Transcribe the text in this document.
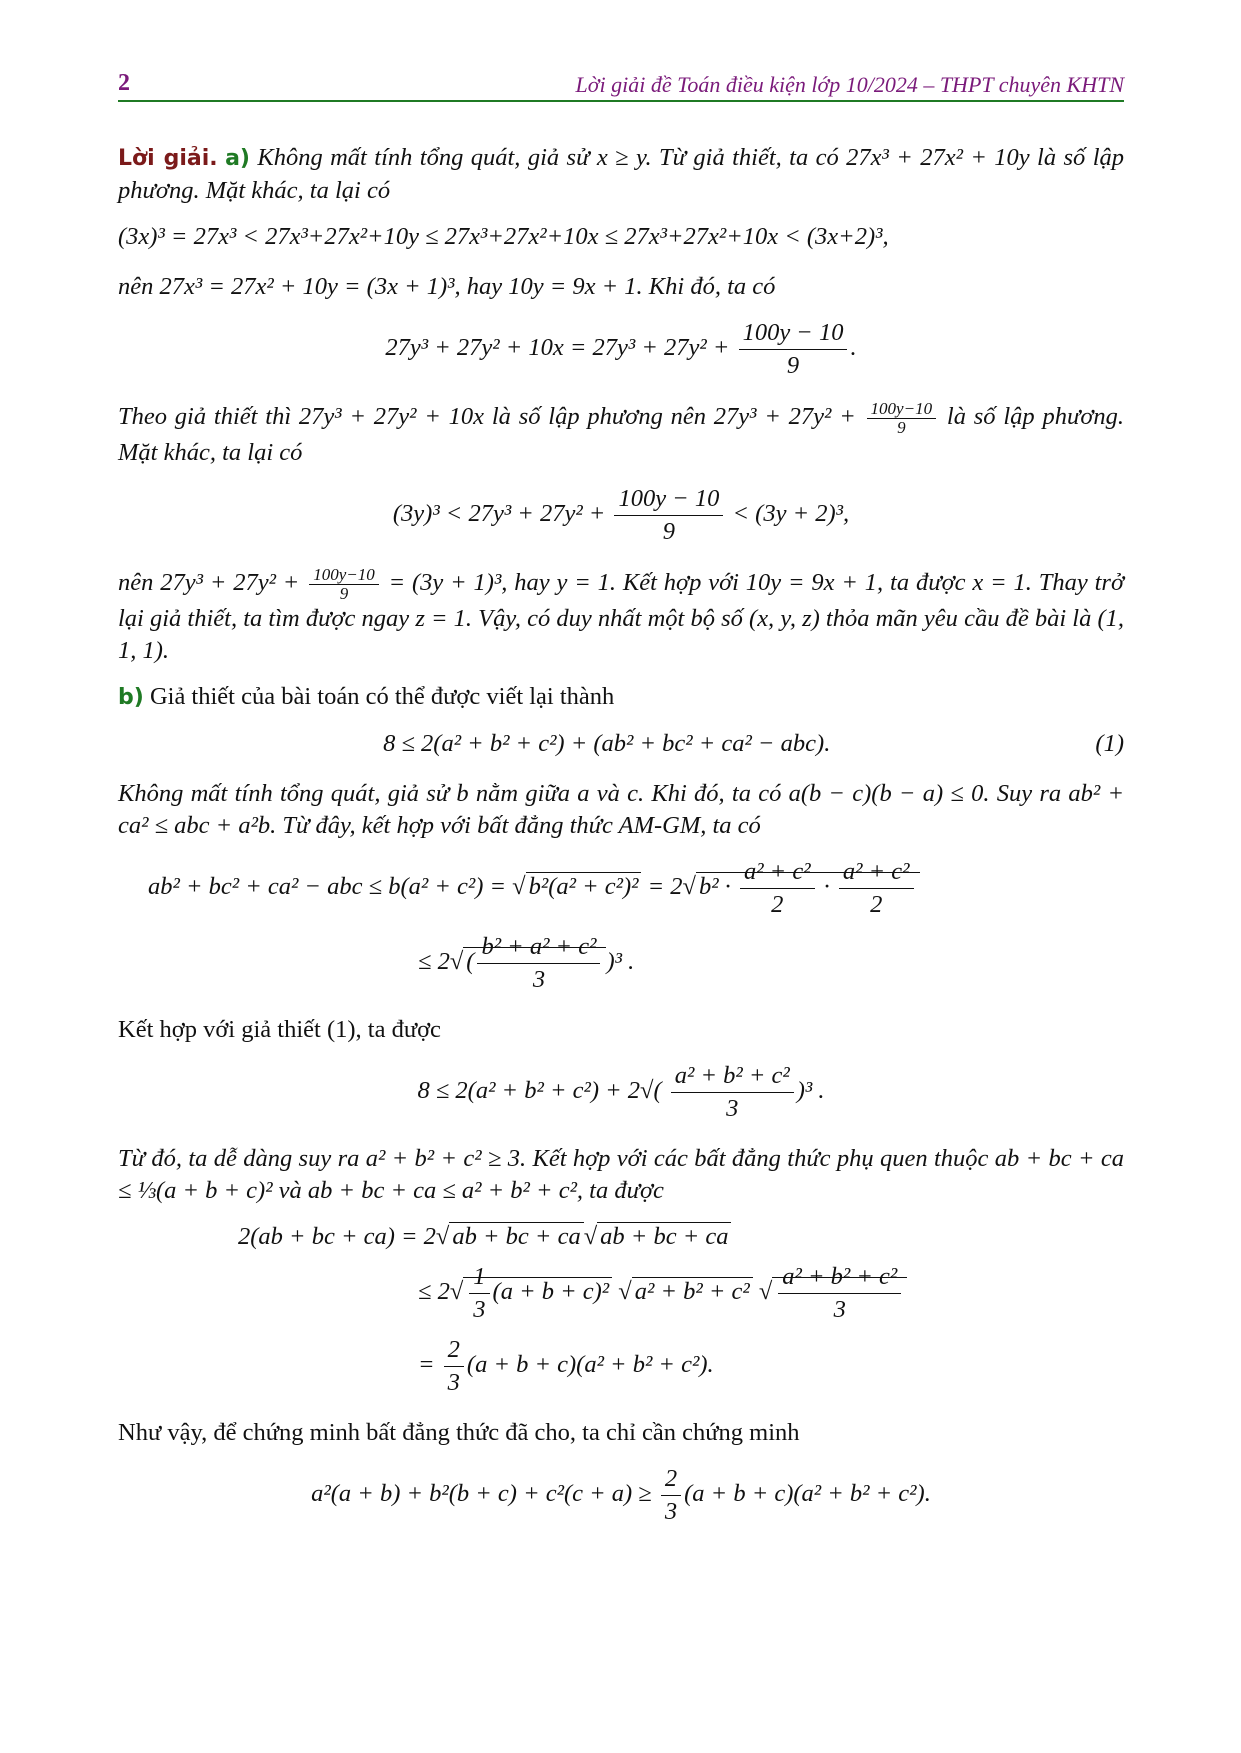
2	Lời giải đề Toán điều kiện lớp 10/2024 – THPT chuyên KHTN

Lời giải. a) Không mất tính tổng quát, giả sử x ≥ y. Từ giả thiết, ta có 27x³ + 27x² + 10y là số lập phương. Mặt khác, ta lại có

(3x)³ = 27x³ < 27x³+27x²+10y ≤ 27x³+27x²+10x ≤ 27x³+27x²+10x < (3x+2)³,

nên 27x³ = 27x² + 10y = (3x + 1)³, hay 10y = 9x + 1. Khi đó, ta có

$27y^3 + 27y^2 + 10x = 27y^3 + 27y^2 + \frac{100y - 10}{9}$ .

Theo giả thiết thì 27y³ + 27y² + 10x là số lập phương nên $27y^3 + 27y^2 + \frac{100y-10}{9}$ là số lập phương. Mặt khác, ta lại có

$(3y)^3 < 27y^3 + 27y^2 + \frac{100y - 10}{9} < (3y + 2)^3$,

nên $27y^3 + 27y^2 + \frac{100y-10}{9} = (3y + 1)^3$, hay y = 1. Kết hợp với 10y = 9x + 1, ta được x = 1. Thay trở lại giả thiết, ta tìm được ngay z = 1. Vậy, có duy nhất một bộ số (x, y, z) thỏa mãn yêu cầu đề bài là (1, 1, 1).

b) Giả thiết của bài toán có thể được viết lại thành

(1)
8 ≤ 2(a² + b² + c²) + (ab² + bc² + ca² − abc).

Không mất tính tổng quát, giả sử b nằm giữa a và c. Khi đó, ta có a(b − c)(b − a) ≤ 0. Suy ra ab² + ca² ≤ abc + a²b. Từ đây, kết hợp với bất đẳng thức AM-GM, ta có

ab² + bc² + ca² − abc ≤ b(a² + c²) = √ b²(a² + c²)² = 2√ $b^2 \cdot \frac{\text{a² + c²}}{2} \cdot \frac{\text{a² + c²}}{2}$
≤ 2√ ( $\frac{\text{b² + a² + c²}}{3} )^3$ .

Kết hợp với giả thiết (1), ta được

$8 \le 2(a^2 + b^2 + c^2) + 2√( \frac{\text{a² + b² + c²}}{3} )^3$ .

Từ đó, ta dễ dàng suy ra a² + b² + c² ≥ 3. Kết hợp với các bất đẳng thức phụ quen thuộc ab + bc + ca ≤ ⅓(a + b + c)² và ab + bc + ca ≤ a² + b² + c², ta được

2(ab + bc + ca) = 2√ ab + bc + ca √ ab + bc + ca
≤ $2√ \frac{1}{3} (a + b + c)^2$ √ a² + b² + c² √ $\frac{\text{a² + b² + c²}}{3}$
= $\frac{2}{3} (a + b + c)(a^2 + b^2 + c^2)$.

Như vậy, để chứng minh bất đẳng thức đã cho, ta chỉ cần chứng minh

$a^2(a + b) + b^2(b + c) + c^2(c + a) \ge \frac{2}{3} (a + b + c)(a^2 + b^2 + c^2)$.
